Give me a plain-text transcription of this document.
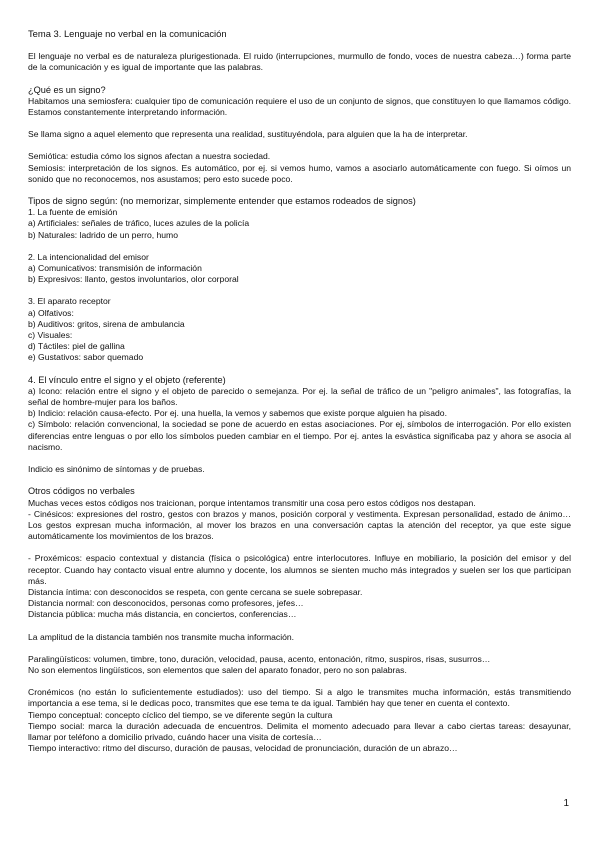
Tema 3. Lenguaje no verbal en la comunicación

El lenguaje no verbal es de naturaleza plurigestionada. El ruido (interrupciones, murmullo de fondo, voces de nuestra cabeza…) forma parte de la comunicación y es igual de importante que las palabras.

¿Qué es un signo?

Habitamos una semiosfera: cualquier tipo de comunicación requiere el uso de un conjunto de signos, que constituyen lo que llamamos código. Estamos constantemente interpretando información.

Se llama signo a aquel elemento que representa una realidad, sustituyéndola, para alguien que la ha de interpretar.

Semiótica: estudia cómo los signos afectan a nuestra sociedad.

Semiosis: interpretación de los signos. Es automático, por ej. si vemos humo, vamos a asociarlo automáticamente con fuego. Si oímos un sonido que no reconocemos, nos asustamos; pero esto sucede poco.

Tipos de signo según: (no memorizar, simplemente entender que estamos rodeados de signos)

1. La fuente de emisión

a) Artificiales: señales de tráfico, luces azules de la policía

b) Naturales: ladrido de un perro, humo

2. La intencionalidad del emisor

a) Comunicativos: transmisión de información

b) Expresivos: llanto, gestos involuntarios, olor corporal

3. El aparato receptor

a) Olfativos:

b) Auditivos: gritos, sirena de ambulancia

c) Visuales:

d) Táctiles: piel de gallina

e) Gustativos: sabor quemado

4. El vínculo entre el signo y el objeto (referente)

a) Icono: relación entre el signo y el objeto de parecido o semejanza. Por ej. la señal de tráfico de un "peligro animales", las fotografías, la señal de hombre-mujer para los baños.

b) Indicio: relación causa-efecto. Por ej. una huella, la vemos y sabemos que existe porque alguien ha pisado.

c) Símbolo: relación convencional, la sociedad se pone de acuerdo en estas asociaciones. Por ej, símbolos de interrogación. Por ello existen diferencias entre lenguas o por ello los símbolos pueden cambiar en el tiempo. Por ej. antes la esvástica significaba paz y ahora se asocia al nacismo.

Indicio es sinónimo de síntomas y de pruebas.

Otros códigos no verbales

Muchas veces estos códigos nos traicionan, porque intentamos transmitir una cosa pero estos códigos nos destapan.

- Cinésicos: expresiones del rostro, gestos con brazos y manos, posición corporal y vestimenta. Expresan personalidad, estado de ánimo… Los gestos expresan mucha información, al mover los brazos en una conversación captas la atención del receptor, ya que este sigue automáticamente los movimientos de los brazos.

- Proxémicos: espacio contextual y distancia (física o psicológica) entre interlocutores. Influye en mobiliario, la posición del emisor y del receptor. Cuando hay contacto visual entre alumno y docente, los alumnos se sienten mucho más integrados y suelen ser los que participan más.

Distancia íntima: con desconocidos se respeta, con gente cercana se suele sobrepasar.

Distancia normal: con desconocidos, personas como profesores, jefes…

Distancia pública: mucha más distancia, en conciertos, conferencias…

La amplitud de la distancia también nos transmite mucha información.

Paralingüísticos: volumen, timbre, tono, duración, velocidad, pausa, acento, entonación, ritmo, suspiros, risas, susurros…

No son elementos lingüísticos, son elementos que salen del aparato fonador, pero no son palabras.

Cronémicos (no están lo suficientemente estudiados): uso del tiempo. Si a algo le transmites mucha información, estás transmitiendo importancia a ese tema, si le dedicas poco, transmites que ese tema te da igual. También hay que tener en cuenta el contexto.

Tiempo conceptual: concepto cíclico del tiempo, se ve diferente según la cultura

Tiempo social: marca la duración adecuada de encuentros. Delimita el momento adecuado para llevar a cabo ciertas tareas: desayunar, llamar por teléfono a domicilio privado, cuándo hacer una visita de cortesía…

Tiempo interactivo: ritmo del discurso, duración de pausas, velocidad de pronunciación, duración de un abrazo…

1
